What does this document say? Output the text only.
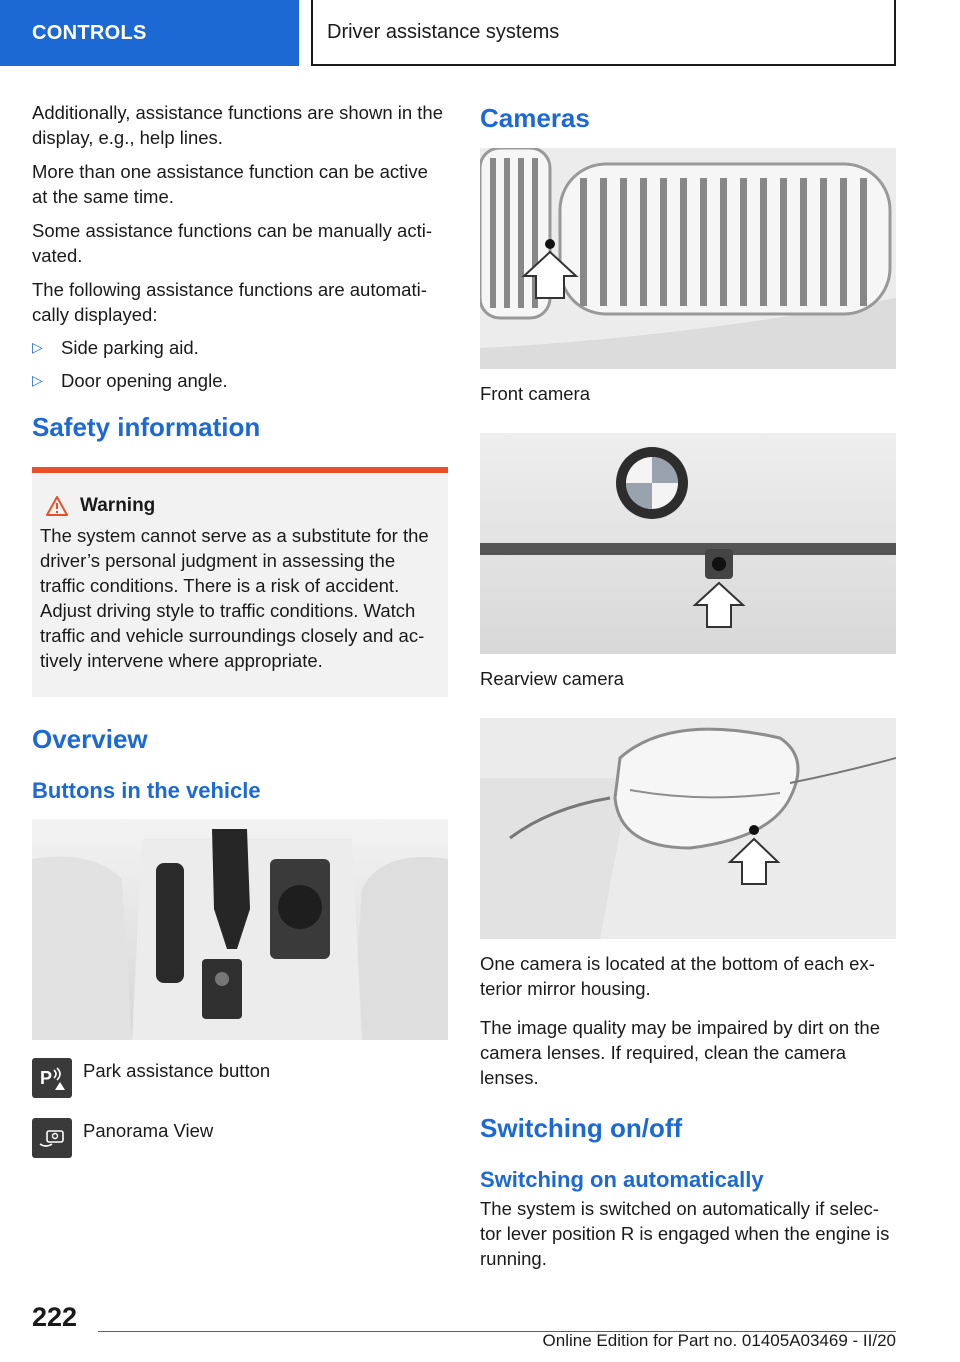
CONTROLS	Driver assistance systems

Additionally, assistance functions are shown in the display, e.g., help lines.

More than one assistance function can be active at the same time.

Some assistance functions can be manually acti-vated.

The following assistance functions are automati-cally displayed:

▷ Side parking aid.
▷ Door opening angle.
Safety information
Warning

The system cannot serve as a substitute for the driver’s personal judgment in assessing the traffic conditions. There is a risk of accident. Adjust driving style to traffic conditions. Watch traffic and vehicle surroundings closely and ac-tively intervene where appropriate.

Overview
Buttons in the vehicle
P Park assistance button
Panorama View
Cameras

Front camera

Rearview camera

One camera is located at the bottom of each ex-terior mirror housing.

The image quality may be impaired by dirt on the camera lenses. If required, clean the camera lenses.

Switching on/off
Switching on automatically

The system is switched on automatically if selec-tor lever position R is engaged when the engine is running.

222
Online Edition for Part no. 01405A03469 - II/20
